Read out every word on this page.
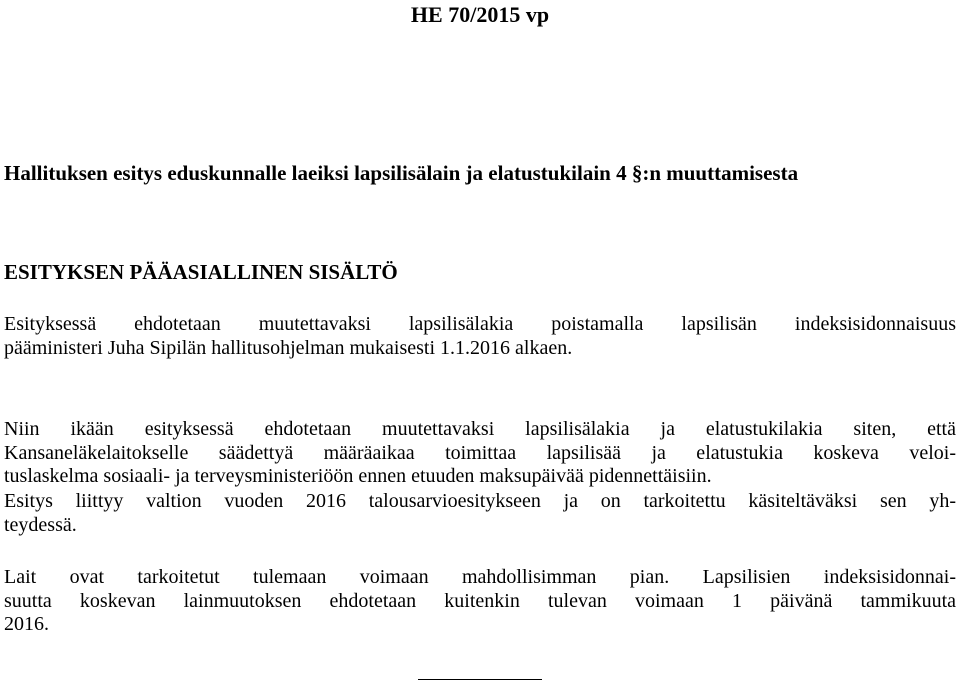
HE 70/2015 vp
Hallituksen esitys eduskunnalle laeiksi lapsilisälain ja elatustukilain 4 §:n muuttamisesta
ESITYKSEN PÄÄASIALLINEN SISÄLTÖ
Esityksessä ehdotetaan muutettavaksi lapsilisälakia poistamalla lapsilisän indeksisidonnaisuus
pääministeri Juha Sipilän hallitusohjelman mukaisesti 1.1.2016 alkaen.
Niin ikään esityksessä ehdotetaan muutettavaksi lapsilisälakia ja elatustukilakia siten, että
Kansaneläkelaitokselle säädettyä määräaikaa toimittaa lapsilisää ja elatustukia koskeva veloi-
tuslaskelma sosiaali- ja terveysministeriöön ennen etuuden maksupäivää pidennettäisiin.
Esitys liittyy valtion vuoden 2016 talousarvioesitykseen ja on tarkoitettu käsiteltäväksi sen yh-
teydessä.
Lait ovat tarkoitetut tulemaan voimaan mahdollisimman pian. Lapsilisien indeksisidonnai-
suutta koskevan lainmuutoksen ehdotetaan kuitenkin tulevan voimaan 1 päivänä tammikuuta
2016.
